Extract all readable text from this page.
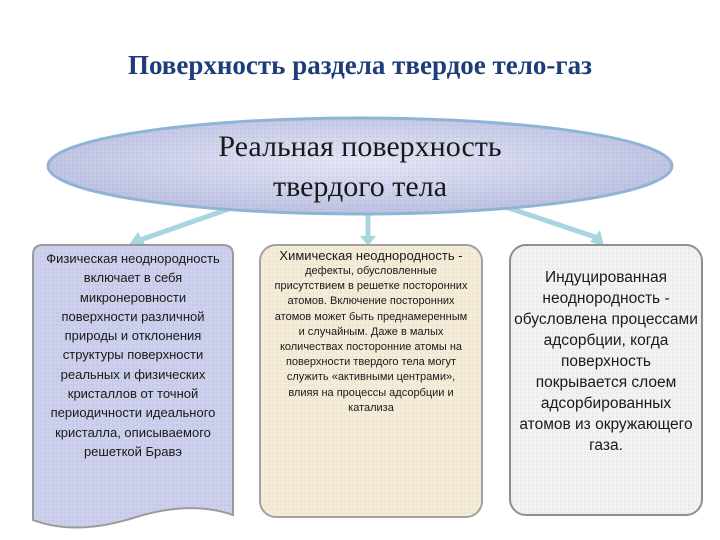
Поверхность раздела твердое тело-газ
Реальная поверхность
твердого тела
Физическая неоднородность включает в себя микронеровности поверхности различной природы и отклонения структуры поверхности реальных и физических кристаллов от точной периодичности идеального кристалла, описываемого решеткой Бравэ
Химическая неоднородность -
дефекты, обусловленные присутствием в решетке посторонних атомов. Включение посторонних атомов может быть преднамеренным и случайным. Даже в малых количествах посторонние атомы на поверхности твердого тела могут служить «активными центрами», влияя на процессы адсорбции и катализа
Индуцированная неоднородность - обусловлена процессами адсорбции, когда поверхность покрывается слоем адсорбированных атомов из окружающего газа.
